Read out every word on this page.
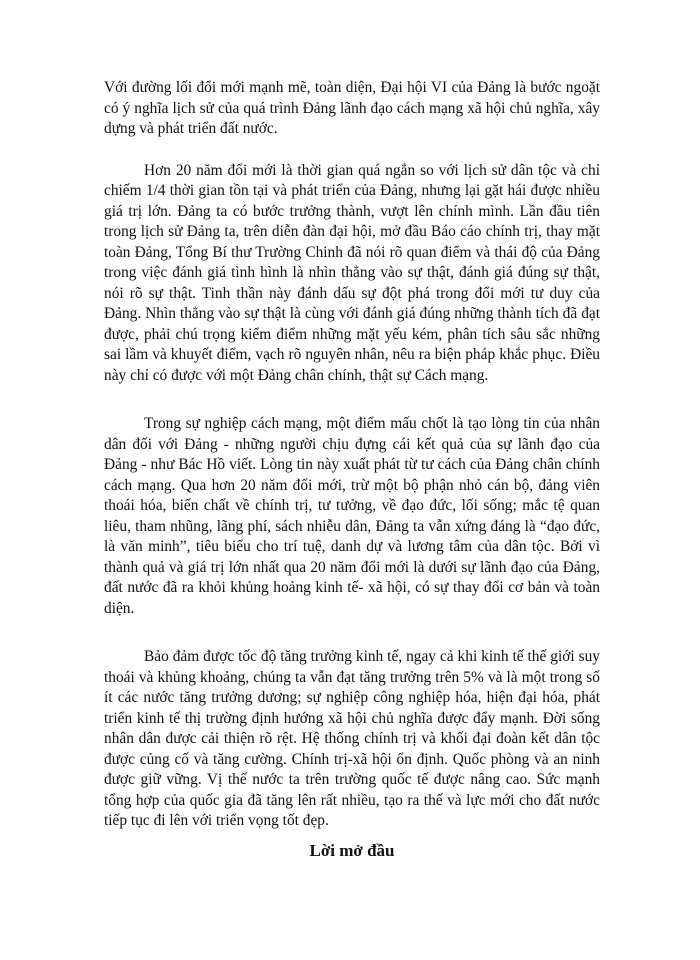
Với đường lối đổi mới mạnh mẽ, toàn diện, Đại hội VI của Đảng là bước ngoặt có ý nghĩa lịch sử của quá trình Đảng lãnh đạo cách mạng xã hội chủ nghĩa, xây dựng và phát triển đất nước.

Hơn 20 năm đổi mới là thời gian quá ngắn so với lịch sử dân tộc và chỉ chiếm 1/4 thời gian tồn tại và phát triển của Đảng, nhưng lại gặt hái được nhiều giá trị lớn. Đảng ta có bước trưởng thành, vượt lên chính mình. Lần đầu tiên trong lịch sử Đảng ta, trên diễn đàn đại hội, mở đầu Báo cáo chính trị, thay mặt toàn Đảng, Tổng Bí thư Trường Chinh đã nói rõ quan điểm và thái độ của Đảng trong việc đánh giá tình hình là nhìn thẳng vào sự thật, đánh giá đúng sự thật, nói rõ sự thật. Tinh thần này đánh dấu sự đột phá trong đổi mới tư duy của Đảng. Nhìn thẳng vào sự thật là cùng với đánh giá đúng những thành tích đã đạt được, phải chú trọng kiểm điểm những mặt yếu kém, phân tích sâu sắc những sai lầm và khuyết điểm, vạch rõ nguyên nhân, nêu ra biện pháp khắc phục. Điều này chỉ có được với một Đảng chân chính, thật sự Cách mạng.

Trong sự nghiệp cách mạng, một điểm mấu chốt là tạo lòng tin của nhân dân đối với Đảng - những người chịu đựng cái kết quả của sự lãnh đạo của Đảng - như Bác Hồ viết. Lòng tin này xuất phát từ tư cách của Đảng chân chính cách mạng. Qua hơn 20 năm đổi mới, trừ một bộ phận nhỏ cán bộ, đảng viên thoái hóa, biến chất về chính trị, tư tưởng, về đạo đức, lối sống; mắc tệ quan liêu, tham nhũng, lãng phí, sách nhiễu dân, Đảng ta vẫn xứng đáng là “đạo đức, là văn minh”, tiêu biểu cho trí tuệ, danh dự và lương tâm của dân tộc. Bởi vì thành quả và giá trị lớn nhất qua 20 năm đổi mới là dưới sự lãnh đạo của Đảng, đất nước đã ra khỏi khủng hoảng kinh tế- xã hội, có sự thay đổi cơ bản và toàn diện.

Bảo đảm được tốc độ tăng trưởng kinh tế, ngay cả khi kinh tế thế giới suy thoái và khủng khoảng, chúng ta vẫn đạt tăng trưởng trên 5% và là một trong số ít các nước tăng trưởng dương; sự nghiệp công nghiệp hóa, hiện đại hóa, phát triển kinh tế thị trường định hướng xã hội chủ nghĩa được đẩy mạnh. Đời sống nhân dân được cải thiện rõ rệt. Hệ thống chính trị và khối đại đoàn kết dân tộc được củng cố và tăng cường. Chính trị-xã hội ổn định. Quốc phòng và an ninh được giữ vững. Vị thế nước ta trên trường quốc tế được nâng cao. Sức mạnh tổng hợp của quốc gia đã tăng lên rất nhiều, tạo ra thế và lực mới cho đất nước tiếp tục đi lên với triển vọng tốt đẹp.

Lời mở đầu
